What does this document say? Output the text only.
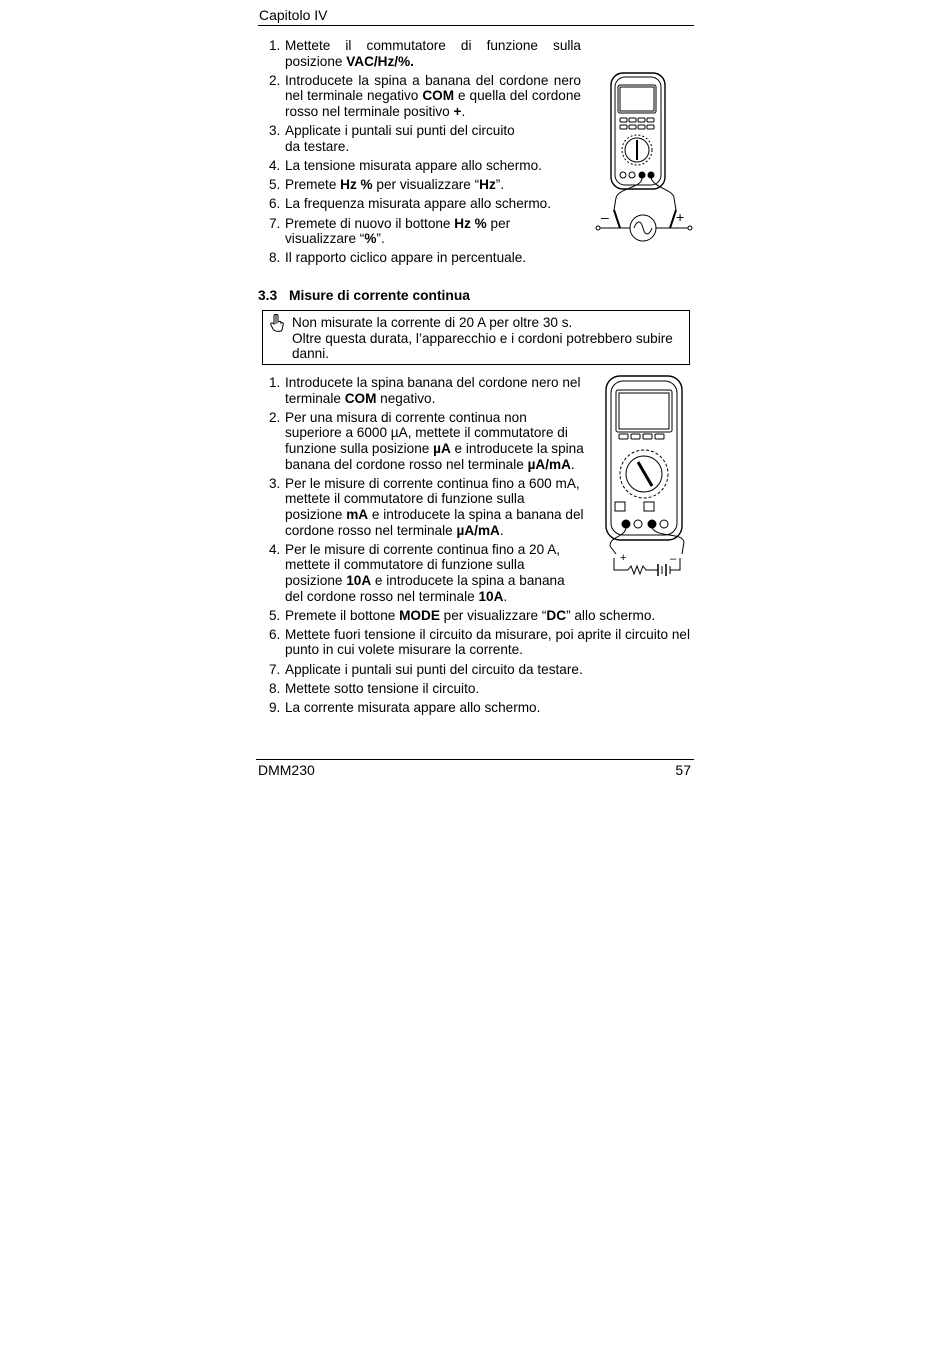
Capitolo IV
1. Mettete il commutatore di funzione sulla posizione VAC/Hz/%.
2. Introducete la spina a banana del cordone nero nel terminale negativo COM e quella del cordone rosso nel terminale positivo +.
3. Applicate i puntali sui punti del circuito da testare.
4. La tensione misurata appare allo schermo.
5. Premete Hz % per visualizzare “Hz”.
6. La frequenza misurata appare allo schermo.
7. Premete di nuovo il bottone Hz % per visualizzare “%”.
8. Il rapporto ciclico appare in percentuale.
–	+
3.3 Misure di corrente continua
Non misurate la corrente di 20 A per oltre 30 s.
Oltre questa durata, l’apparecchio e i cordoni potrebbero subire danni.
1. Introducete la spina banana del cordone nero nel terminale COM negativo.
2. Per una misura di corrente continua non superiore a 6000 µA, mettete il commutatore di funzione sulla posizione µA e introducete la spina banana del cordone rosso nel terminale µA/mA.
3. Per le misure di corrente continua fino a 600 mA, mettete il commutatore di funzione sulla posizione mA e introducete la spina a banana del cordone rosso nel terminale µA/mA.
4. Per le misure di corrente continua fino a 20 A, mettete il commutatore di funzione sulla posizione 10A e introducete la spina a banana del cordone rosso nel terminale 10A.
5. Premete il bottone MODE per visualizzare “DC” allo schermo.
6. Mettete fuori tensione il circuito da misurare, poi aprite il circuito nel punto in cui volete misurare la corrente.
7. Applicate i puntali sui punti del circuito da testare.
8. Mettete sotto tensione il circuito.
9. La corrente misurata appare allo schermo.
+	–
DMM230	57
